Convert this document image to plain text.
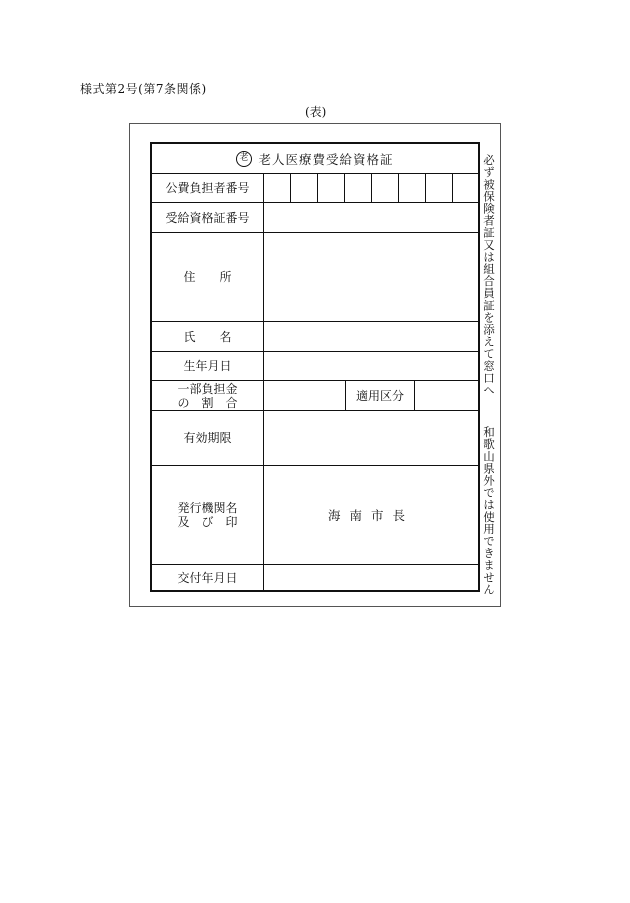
様式第2号(第7条関係)
(表)
老 老人医療費受給資格証
公費負担者番号
受給資格証番号
住　　所
氏　　名
生年月日
一部負担金
の　割　合	適用区分
有効期限
発行機関名
及　び　印	海南市長
交付年月日
必ず被保険者証又は組合員証を添えて窓口へ
和歌山県外では使用できません
